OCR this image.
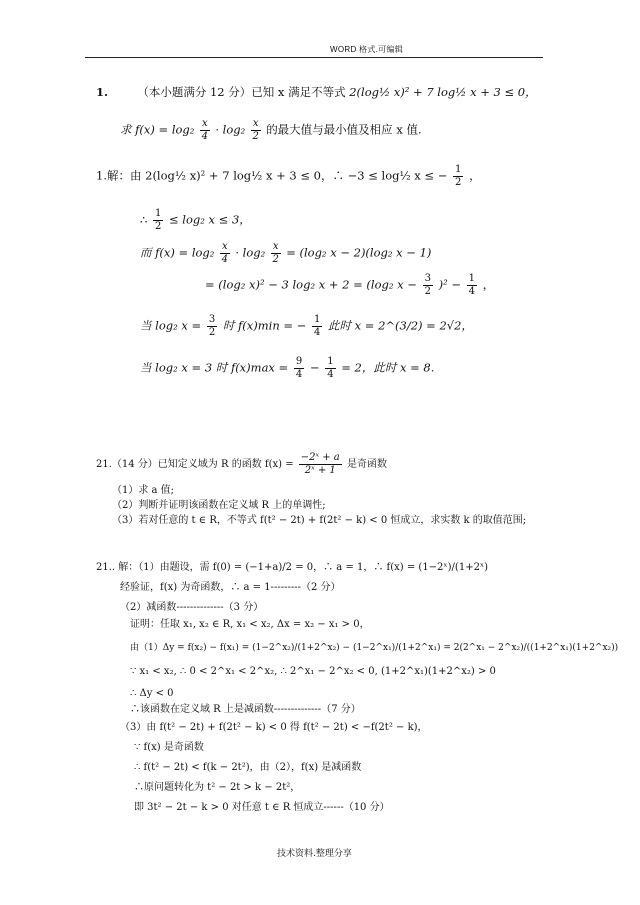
WORD 格式.可编辑
1.	（本小题满分 12 分）已知 x 满足不等式 2(log½ x)² + 7 log½ x + 3 ≤ 0，
求 $f(x) = \log_2 \frac{x}{4} \cdot \log_2 \frac{x}{2}$ 的最大值与最小值及相应 x 值.
1.解：由 2(log½ x)² + 7 log½ x + 3 ≤ 0，∴ −3 ≤ log½ x ≤ − $\frac{1}{2}$ ，
∴ $\frac{1}{2} \le \log_2$ x ≤ 3，
而 $f(x) = \log_2 \frac{x}{4} \cdot \log_2 \frac{x}{2} = (\log_2$ x − 2)(log₂ x − 1)
= (log₂ x)² − 3 log₂ x + 2 = (log₂ $x - \frac{3}{2} )^2 - \frac{1}{4}$ ，
当 log₂ $x = \frac{3}{2}$ 时 f(x)min = − $\frac{1}{4}$ 此时 x = 2^(3/2) = 2√2，
当 log₂ x = 3 时 $f(x)\max = \frac{9}{4} - \frac{1}{4} = 2$，此时 x = 8.
21.（14 分）已知定义域为 R 的函数 $f(x) = \frac{\text{−2ˣ + a}}{\text{2ˣ + 1}}$ 是奇函数
（1）求 a 值;
（2）判断并证明该函数在定义域 R 上的单调性;
（3）若对任意的 t ∈ R，不等式 f(t² − 2t) + f(2t² − k) < 0 恒成立，求实数 k 的取值范围;
21.. 解：（1）由题设，需 f(0) = (−1+a)/2 = 0，∴ a = 1，∴ f(x) = (1−2ˣ)/(1+2ˣ)
经验证，f(x) 为奇函数，∴ a = 1---------（2 分）
（2）减函数--------------（3 分）
证明：任取 x₁, x₂ ∈ R, x₁ < x₂, Δx = x₂ − x₁ > 0，
由（1）Δy = f(x₂) − f(x₁) = (1−2^x₂)/(1+2^x₂) − (1−2^x₁)/(1+2^x₁) = 2(2^x₁ − 2^x₂)/((1+2^x₁)(1+2^x₂))
∵ x₁ < x₂, ∴ 0 < 2^x₁ < 2^x₂, ∴ 2^x₁ − 2^x₂ < 0, (1+2^x₁)(1+2^x₂) > 0
∴ Δy < 0
∴该函数在定义域 R 上是减函数--------------（7 分）
（3）由 f(t² − 2t) + f(2t² − k) < 0 得 f(t² − 2t) < −f(2t² − k)，
∵ f(x) 是奇函数
∴ f(t² − 2t) < f(k − 2t²)，由（2），f(x) 是减函数
∴原问题转化为 t² − 2t > k − 2t²，
即 3t² − 2t − k > 0 对任意 t ∈ R 恒成立------（10 分）
技术资料.整理分享
